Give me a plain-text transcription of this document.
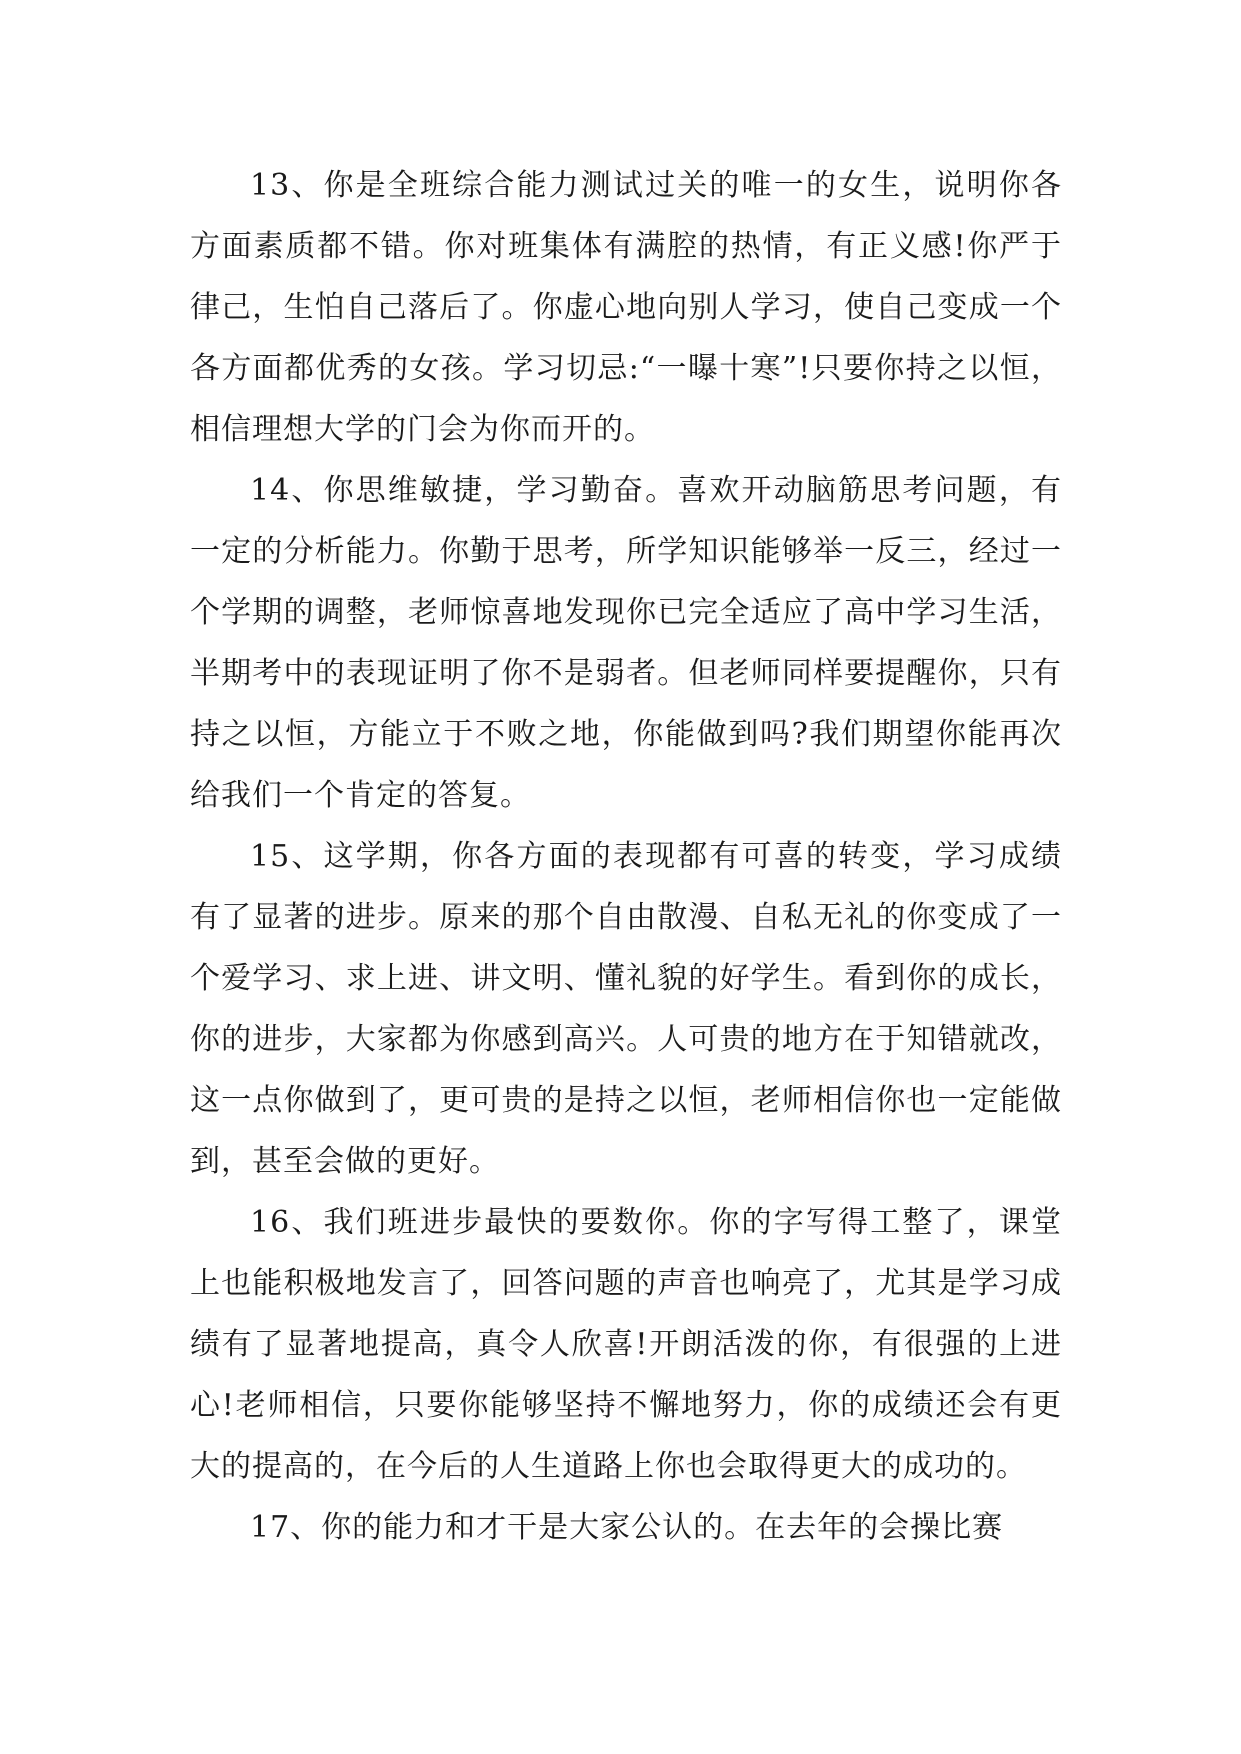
13、你是全班综合能力测试过关的唯一的女生，说明你各方面素质都不错。你对班集体有满腔的热情，有正义感!你严于律己，生怕自己落后了。你虚心地向别人学习，使自己变成一个各方面都优秀的女孩。学习切忌:“一曝十寒”!只要你持之以恒，相信理想大学的门会为你而开的。

14、你思维敏捷，学习勤奋。喜欢开动脑筋思考问题，有一定的分析能力。你勤于思考，所学知识能够举一反三，经过一个学期的调整，老师惊喜地发现你已完全适应了高中学习生活，半期考中的表现证明了你不是弱者。但老师同样要提醒你，只有持之以恒，方能立于不败之地，你能做到吗?我们期望你能再次给我们一个肯定的答复。

15、这学期，你各方面的表现都有可喜的转变，学习成绩有了显著的进步。原来的那个自由散漫、自私无礼的你变成了一个爱学习、求上进、讲文明、懂礼貌的好学生。看到你的成长，你的进步，大家都为你感到高兴。人可贵的地方在于知错就改，这一点你做到了，更可贵的是持之以恒，老师相信你也一定能做到，甚至会做的更好。

16、我们班进步最快的要数你。你的字写得工整了，课堂上也能积极地发言了，回答问题的声音也响亮了，尤其是学习成绩有了显著地提高，真令人欣喜!开朗活泼的你，有很强的上进心!老师相信，只要你能够坚持不懈地努力，你的成绩还会有更大的提高的，在今后的人生道路上你也会取得更大的成功的。

17、你的能力和才干是大家公认的。在去年的会操比赛
